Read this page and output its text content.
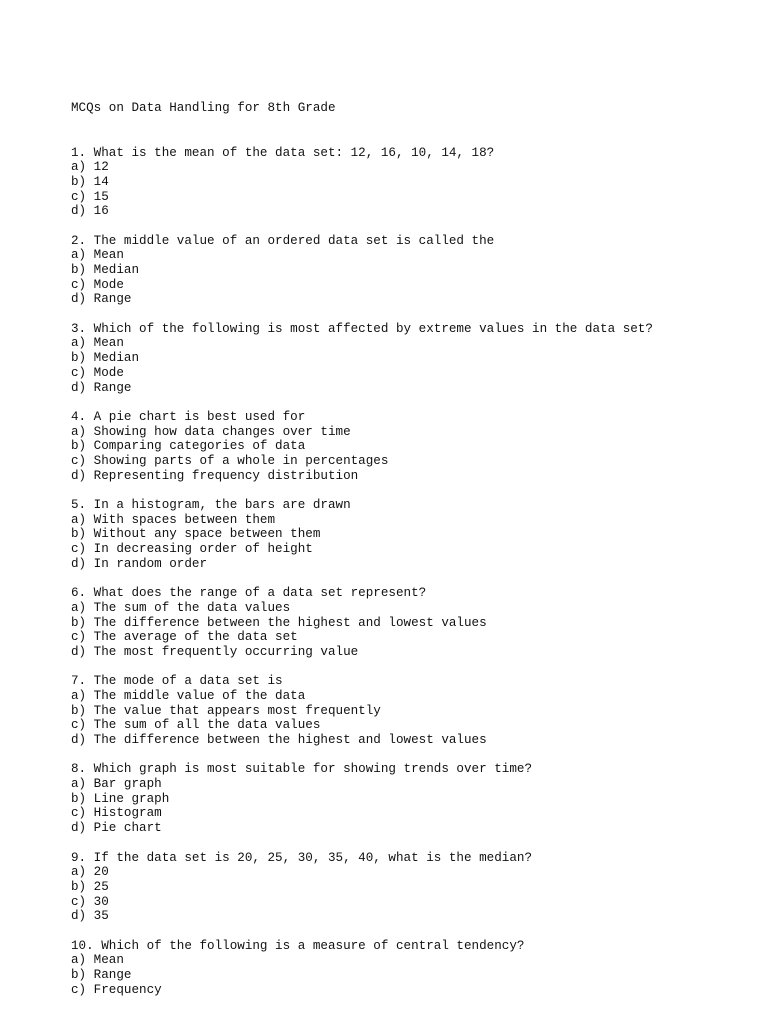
MCQs on Data Handling for 8th Grade

1. What is the mean of the data set: 12, 16, 10, 14, 18?
a) 12
b) 14
c) 15
d) 16
2. The middle value of an ordered data set is called the
a) Mean
b) Median
c) Mode
d) Range
3. Which of the following is most affected by extreme values in the data set?
a) Mean
b) Median
c) Mode
d) Range
4. A pie chart is best used for
a) Showing how data changes over time
b) Comparing categories of data
c) Showing parts of a whole in percentages
d) Representing frequency distribution
5. In a histogram, the bars are drawn
a) With spaces between them
b) Without any space between them
c) In decreasing order of height
d) In random order
6. What does the range of a data set represent?
a) The sum of the data values
b) The difference between the highest and lowest values
c) The average of the data set
d) The most frequently occurring value
7. The mode of a data set is
a) The middle value of the data
b) The value that appears most frequently
c) The sum of all the data values
d) The difference between the highest and lowest values
8. Which graph is most suitable for showing trends over time?
a) Bar graph
b) Line graph
c) Histogram
d) Pie chart
9. If the data set is 20, 25, 30, 35, 40, what is the median?
a) 20
b) 25
c) 30
d) 35
10. Which of the following is a measure of central tendency?
a) Mean
b) Range
c) Frequency
